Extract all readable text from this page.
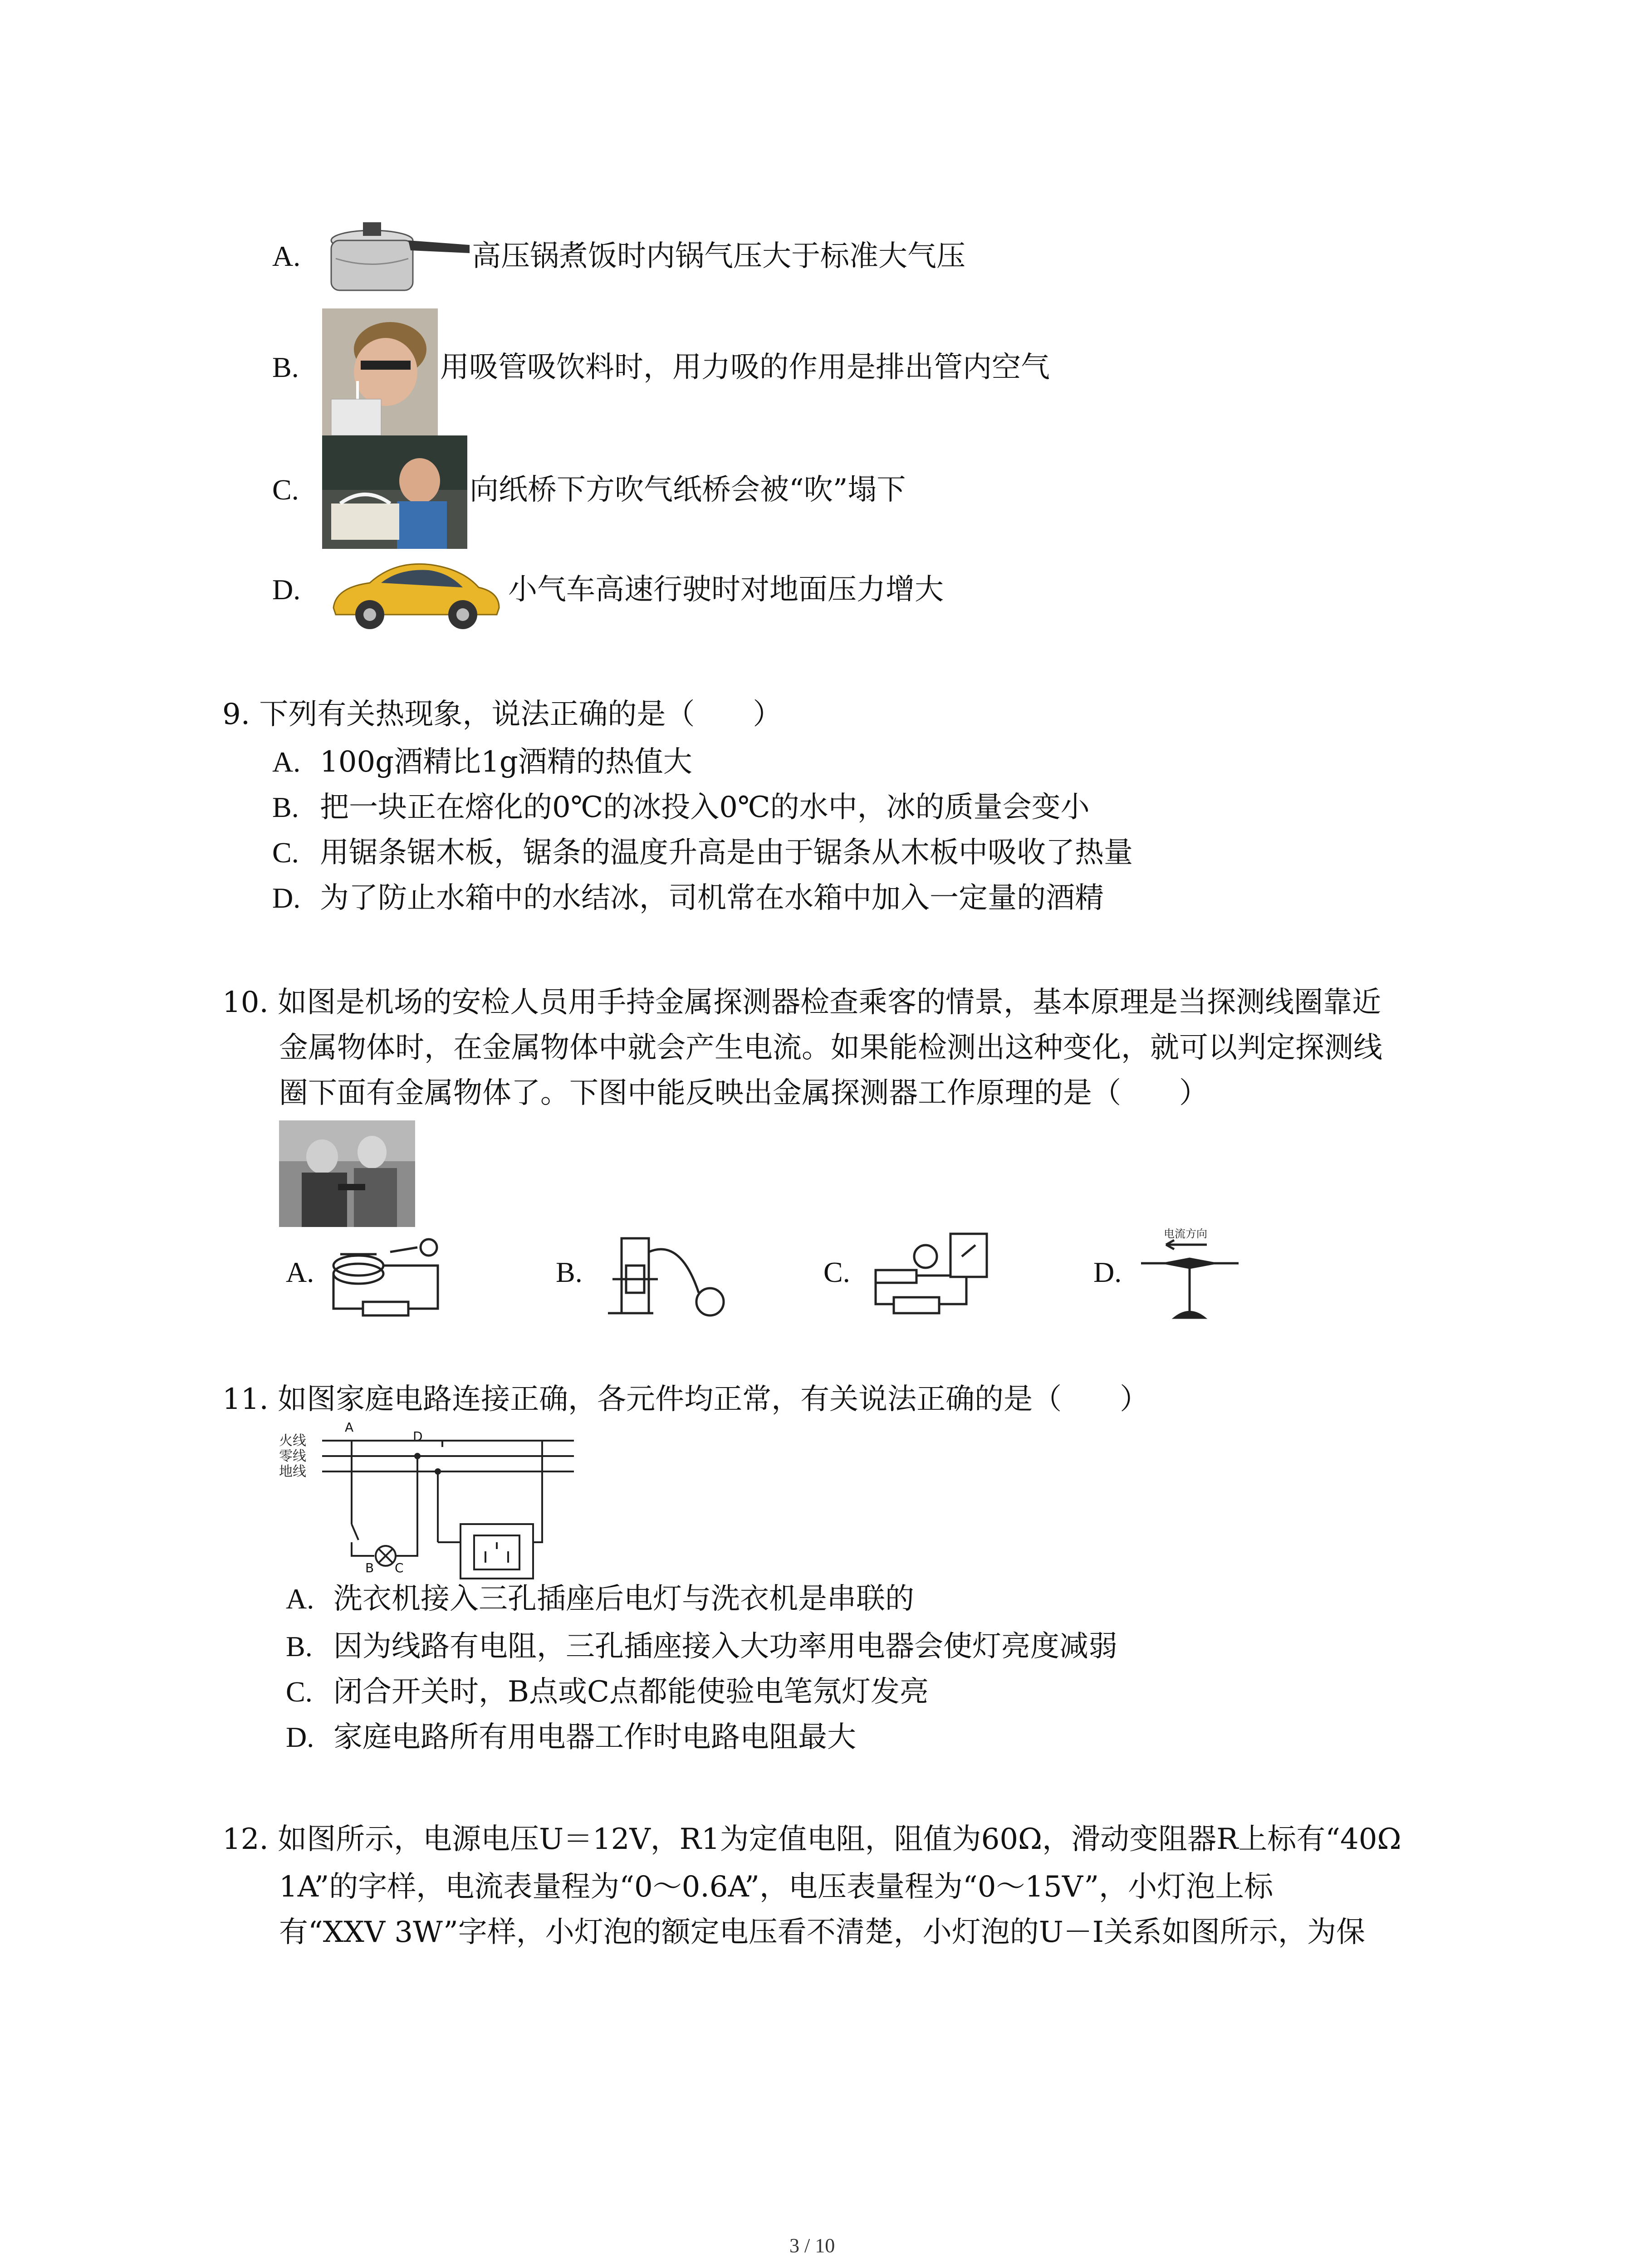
A.	高压锅煮饭时内锅气压大于标准大气压
B.	用吸管吸饮料时，用力吸的作用是排出管内空气
C.	向纸桥下方吹气纸桥会被“吹”塌下
D.	小气车高速行驶时对地面压力增大
9. 下列有关热现象，说法正确的是（　　）
A. 100g酒精比1g酒精的热值大
B. 把一块正在熔化的0℃的冰投入0℃的水中，冰的质量会变小
C. 用锯条锯木板，锯条的温度升高是由于锯条从木板中吸收了热量
D. 为了防止水箱中的水结冰，司机常在水箱中加入一定量的酒精
10. 如图是机场的安检人员用手持金属探测器检查乘客的情景，基本原理是当探测线圈靠近
金属物体时，在金属物体中就会产生电流。如果能检测出这种变化，就可以判定探测线
圈下面有金属物体了。下图中能反映出金属探测器工作原理的是（　　）
A.	B.	C.	D.
电流方向
11. 如图家庭电路连接正确，各元件均正常，有关说法正确的是（　　）
火线
零线
地线
A
D
B C
A. 洗衣机接入三孔插座后电灯与洗衣机是串联的
B. 因为线路有电阻，三孔插座接入大功率用电器会使灯亮度减弱
C. 闭合开关时，B点或C点都能使验电笔氖灯发亮
D. 家庭电路所有用电器工作时电路电阻最大
12. 如图所示，电源电压U＝12V，R1为定值电阻，阻值为60Ω，滑动变阻器R上标有“40Ω
1A”的字样，电流表量程为“0～0.6A”，电压表量程为“0～15V”，小灯泡上标
有“XXV 3W”字样，小灯泡的额定电压看不清楚，小灯泡的U－I关系如图所示，为保
3 / 10
